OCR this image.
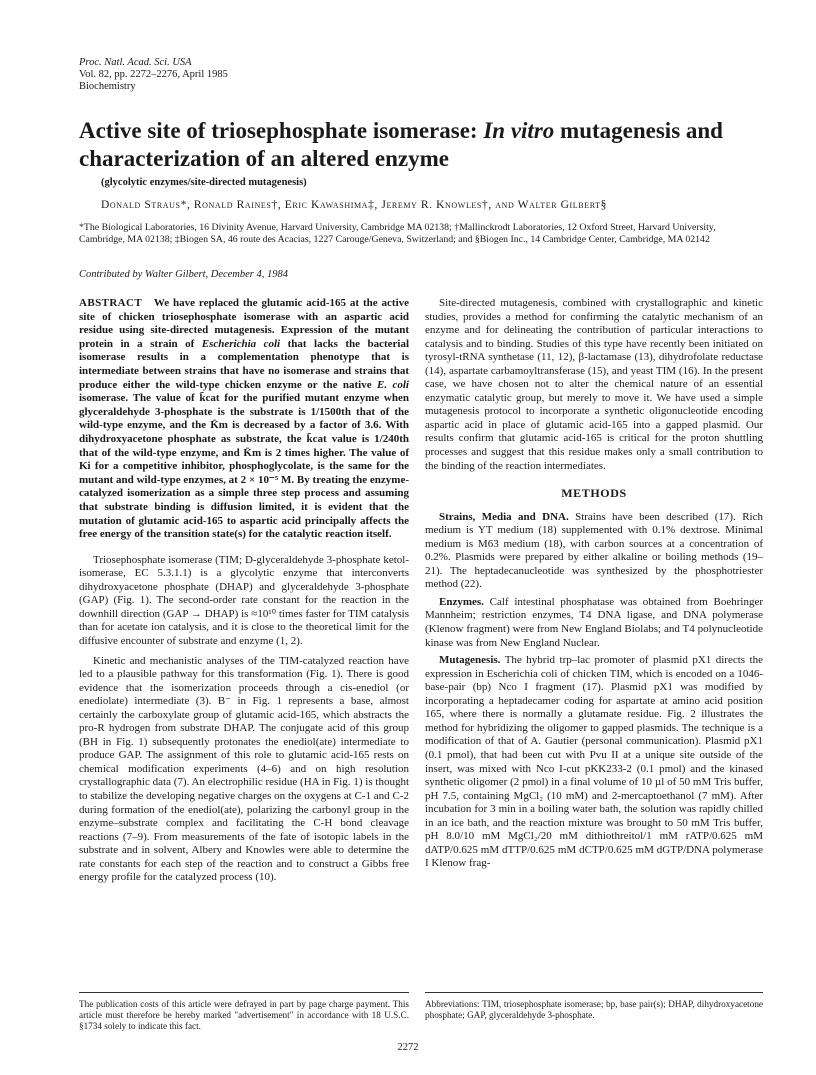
Proc. Natl. Acad. Sci. USA
Vol. 82, pp. 2272–2276, April 1985
Biochemistry
Active site of triosephosphate isomerase: In vitro mutagenesis and characterization of an altered enzyme
(glycolytic enzymes/site-directed mutagenesis)
Donald Straus*, Ronald Raines†, Eric Kawashima‡, Jeremy R. Knowles†, and Walter Gilbert§
*The Biological Laboratories, 16 Divinity Avenue, Harvard University, Cambridge MA 02138; †Mallinckrodt Laboratories, 12 Oxford Street, Harvard University, Cambridge, MA 02138; ‡Biogen SA, 46 route des Acacias, 1227 Carouge/Geneva, Switzerland; and §Biogen Inc., 14 Cambridge Center, Cambridge, MA 02142
Contributed by Walter Gilbert, December 4, 1984

ABSTRACT We have replaced the glutamic acid-165 at the active site of chicken triosephosphate isomerase with an aspartic acid residue using site-directed mutagenesis. Expression of the mutant protein in a strain of Escherichia coli that lacks the bacterial isomerase results in a complementation phenotype that is intermediate between strains that have no isomerase and strains that produce either the wild-type chicken enzyme or the native E. coli isomerase. The value of k̄cat for the purified mutant enzyme when glyceraldehyde 3-phosphate is the substrate is 1/1500th that of the wild-type enzyme, and the K̄m is decreased by a factor of 3.6. With dihydroxyacetone phosphate as substrate, the k̄cat value is 1/240th that of the wild-type enzyme, and K̄m is 2 times higher. The value of Ki for a competitive inhibitor, phosphoglycolate, is the same for the mutant and wild-type enzymes, at 2 × 10⁻⁵ M. By treating the enzyme-catalyzed isomerization as a simple three step process and assuming that substrate binding is diffusion limited, it is evident that the mutation of glutamic acid-165 to aspartic acid principally affects the free energy of the transition state(s) for the catalytic reaction itself.

Triosephosphate isomerase (TIM; D-glyceraldehyde 3-phosphate ketol-isomerase, EC 5.3.1.1) is a glycolytic enzyme that interconverts dihydroxyacetone phosphate (DHAP) and glyceraldehyde 3-phosphate (GAP) (Fig. 1). The second-order rate constant for the reaction in the downhill direction (GAP → DHAP) is ≈10¹⁰ times faster for TIM catalysis than for acetate ion catalysis, and it is close to the theoretical limit for the diffusive encounter of substrate and enzyme (1, 2).

Kinetic and mechanistic analyses of the TIM-catalyzed reaction have led to a plausible pathway for this transformation (Fig. 1). There is good evidence that the isomerization proceeds through a cis-enediol (or enediolate) intermediate (3). B⁻ in Fig. 1 represents a base, almost certainly the carboxylate group of glutamic acid-165, which abstracts the pro-R hydrogen from substrate DHAP. The conjugate acid of this group (BH in Fig. 1) subsequently protonates the enediol(ate) intermediate to produce GAP. The assignment of this role to glutamic acid-165 rests on chemical modification experiments (4–6) and on high resolution crystallographic data (7). An electrophilic residue (HA in Fig. 1) is thought to stabilize the developing negative charges on the oxygens at C-1 and C-2 during formation of the enediol(ate), polarizing the carbonyl group in the enzyme–substrate complex and facilitating the C-H bond cleavage reactions (7–9). From measurements of the fate of isotopic labels in the substrate and in solvent, Albery and Knowles were able to determine the rate constants for each step of the reaction and to construct a Gibbs free energy profile for the catalyzed process (10).

Site-directed mutagenesis, combined with crystallographic and kinetic studies, provides a method for confirming the catalytic mechanism of an enzyme and for delineating the contribution of particular interactions to catalysis and to binding. Studies of this type have recently been initiated on tyrosyl-tRNA synthetase (11, 12), β-lactamase (13), dihydrofolate reductase (14), aspartate carbamoyltransferase (15), and yeast TIM (16). In the present case, we have chosen not to alter the chemical nature of an essential enzymatic catalytic group, but merely to move it. We have used a simple mutagenesis protocol to incorporate a synthetic oligonucleotide encoding aspartic acid in place of glutamic acid-165 into a gapped plasmid. Our results confirm that glutamic acid-165 is critical for the proton shuttling processes and suggest that this residue makes only a small contribution to the binding of the reaction intermediates.

METHODS

Strains, Media and DNA. Strains have been described (17). Rich medium is YT medium (18) supplemented with 0.1% dextrose. Minimal medium is M63 medium (18), with carbon sources at a concentration of 0.2%. Plasmids were prepared by either alkaline or boiling methods (19–21). The heptadecanucleotide was synthesized by the phosphotriester method (22).

Enzymes. Calf intestinal phosphatase was obtained from Boehringer Mannheim; restriction enzymes, T4 DNA ligase, and DNA polymerase (Klenow fragment) were from New England Biolabs; and T4 polynucleotide kinase was from New England Nuclear.

Mutagenesis. The hybrid trp–lac promoter of plasmid pX1 directs the expression in Escherichia coli of chicken TIM, which is encoded on a 1046-base-pair (bp) Nco I fragment (17). Plasmid pX1 was modified by incorporating a heptadecamer coding for aspartate at amino acid position 165, where there is normally a glutamate residue. Fig. 2 illustrates the method for hybridizing the oligomer to gapped plasmids. The technique is a modification of that of A. Gautier (personal communication). Plasmid pX1 (0.1 pmol), that had been cut with Pvu II at a unique site outside of the insert, was mixed with Nco I-cut pKK233-2 (0.1 pmol) and the kinased synthetic oligomer (2 pmol) in a final volume of 10 µl of 50 mM Tris buffer, pH 7.5, containing MgCl₂ (10 mM) and 2-mercaptoethanol (7 mM). After incubation for 3 min in a boiling water bath, the solution was rapidly chilled in an ice bath, and the reaction mixture was brought to 50 mM Tris buffer, pH 8.0/10 mM MgCl₂/20 mM dithiothreitol/1 mM rATP/0.625 mM dATP/0.625 mM dTTP/0.625 mM dCTP/0.625 mM dGTP/DNA polymerase I Klenow frag-

The publication costs of this article were defrayed in part by page charge payment. This article must therefore be hereby marked "advertisement" in accordance with 18 U.S.C. §1734 solely to indicate this fact.
Abbreviations: TIM, triosephosphate isomerase; bp, base pair(s); DHAP, dihydroxyacetone phosphate; GAP, glyceraldehyde 3-phosphate.
2272
